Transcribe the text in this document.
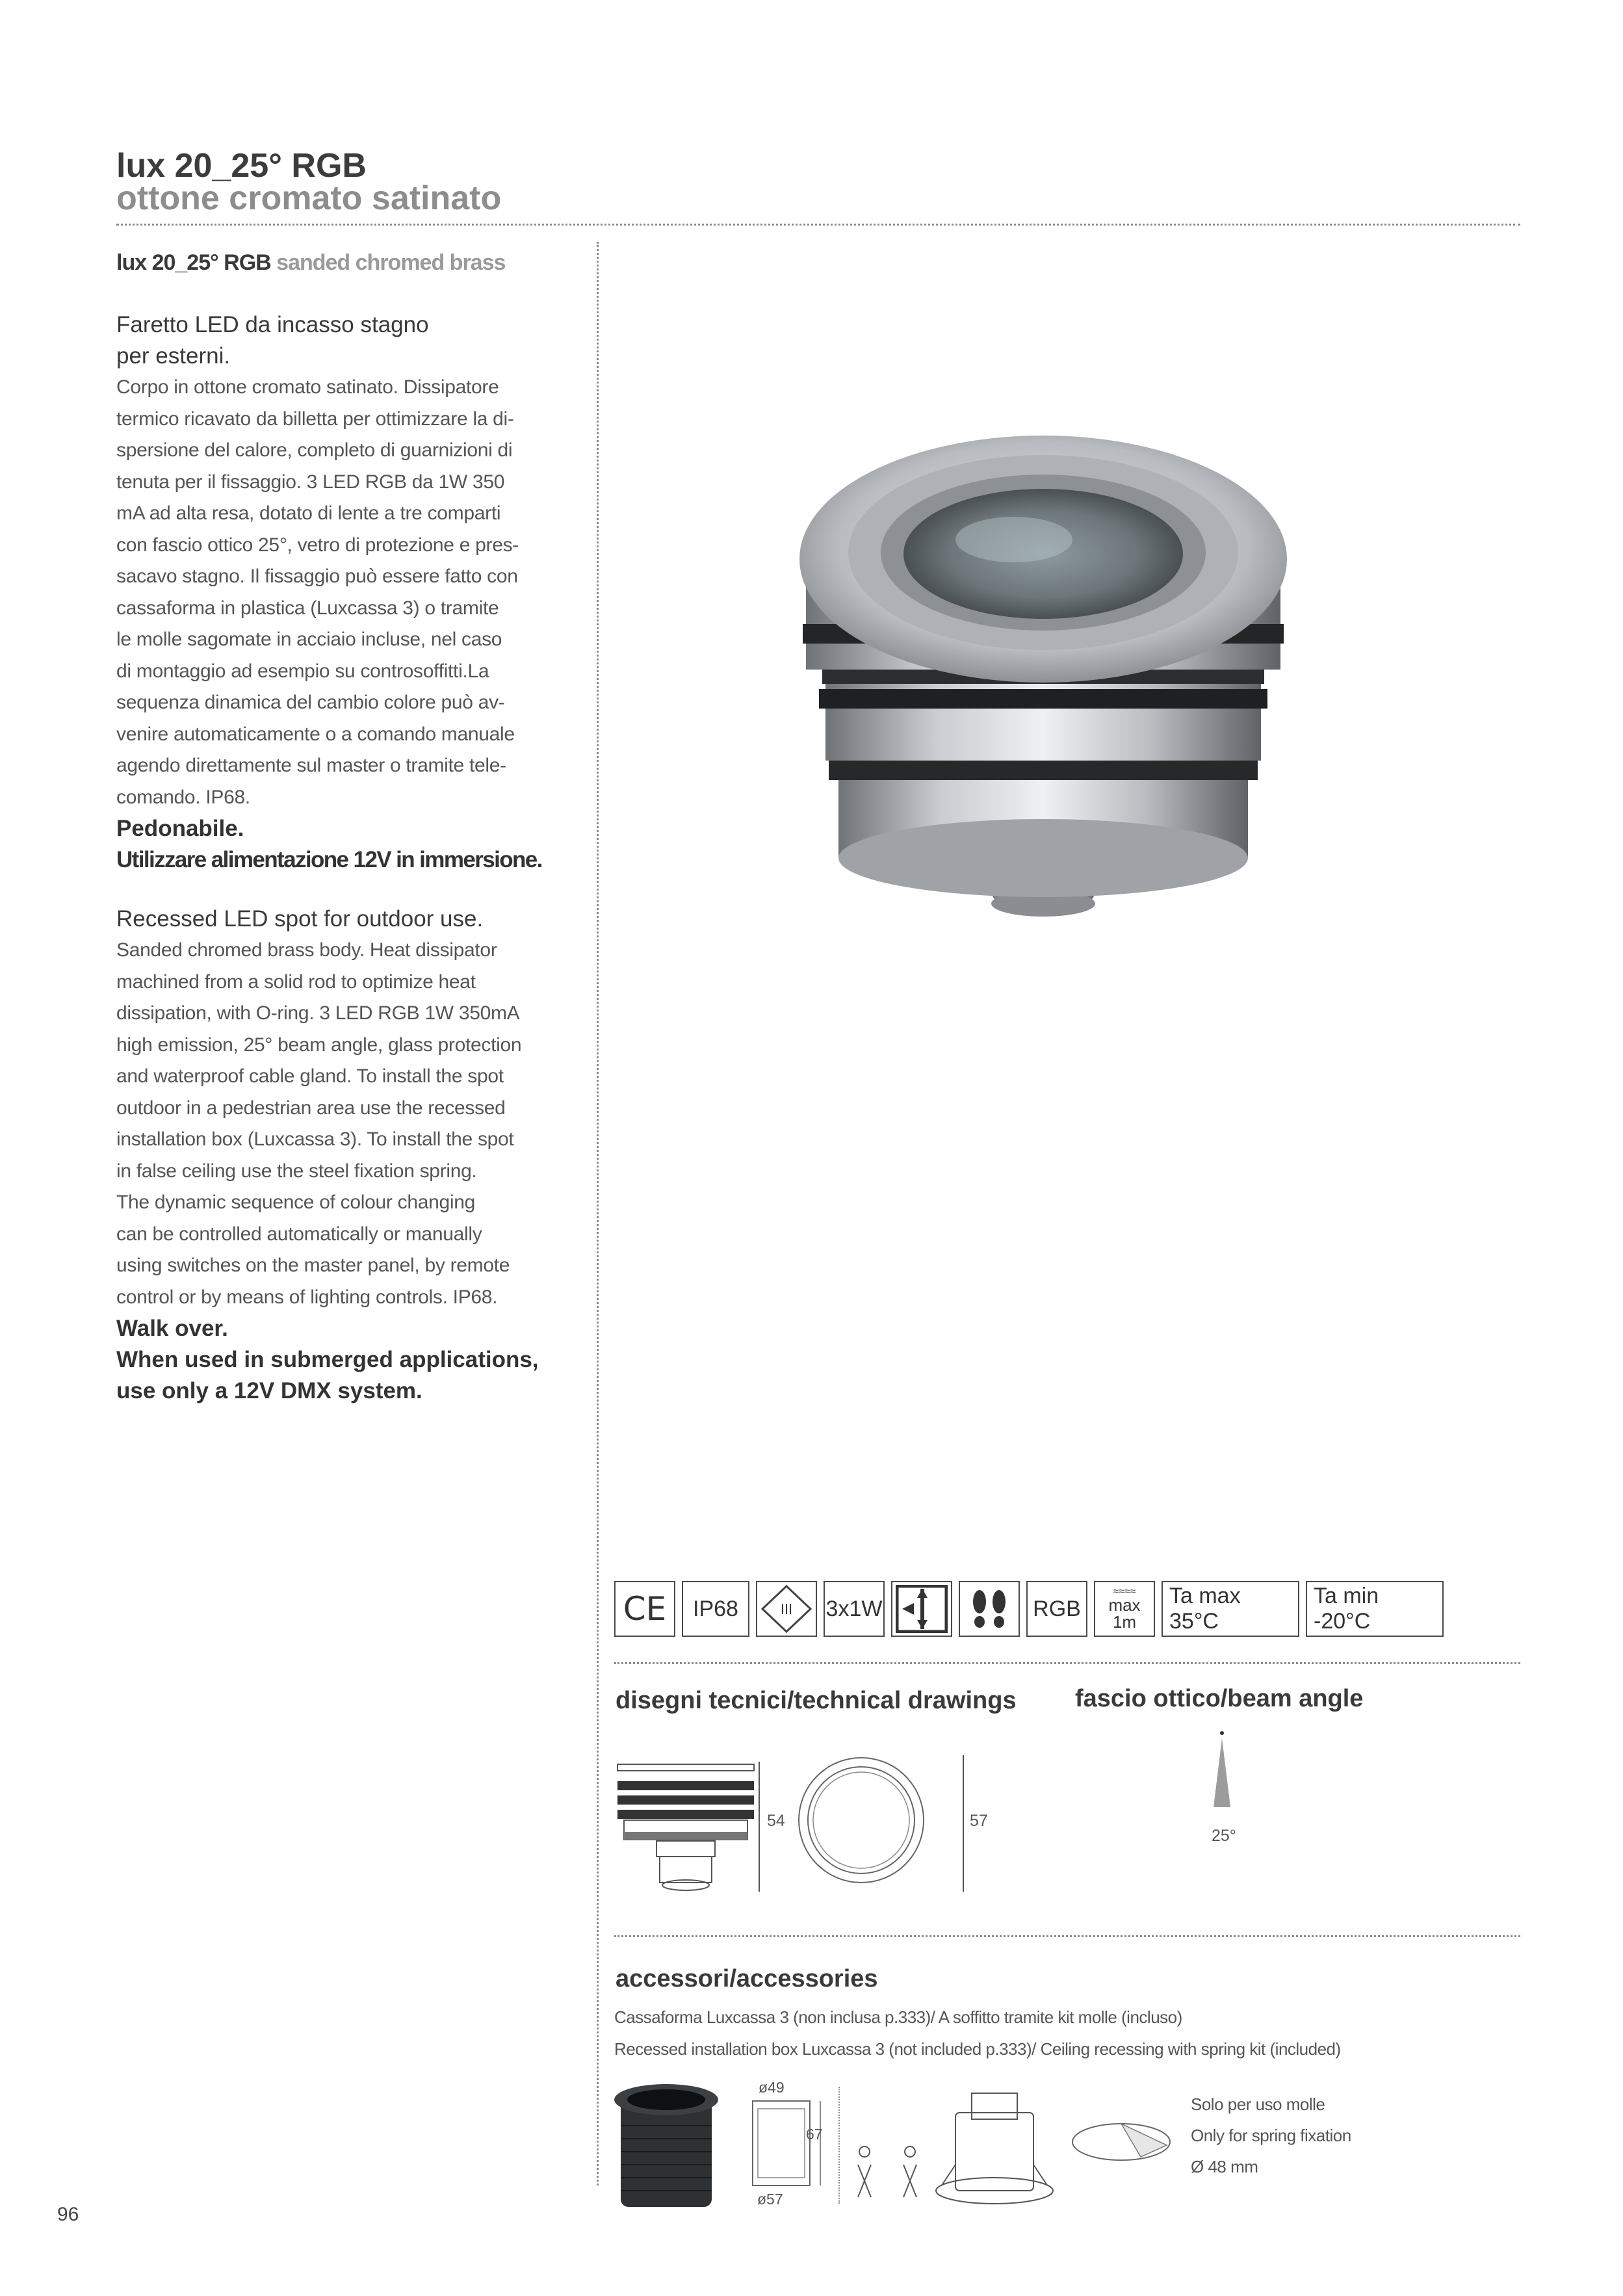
lux 20_25° RGB
ottone cromato satinato
lux 20_25° RGB sanded chromed brass
Faretto LED da incasso stagno
per esterni.
Corpo in ottone cromato satinato. Dissipatore
termico ricavato da billetta per ottimizzare la di-
spersione del calore, completo di guarnizioni di
tenuta per il fissaggio. 3 LED RGB da 1W 350
mA ad alta resa, dotato di lente a tre comparti
con fascio ottico 25°, vetro di protezione e pres-
sacavo stagno. Il fissaggio può essere fatto con
cassaforma in plastica (Luxcassa 3) o tramite
le molle sagomate in acciaio incluse, nel caso
di montaggio ad esempio su controsoffitti.La
sequenza dinamica del cambio colore può av-
venire automaticamente o a comando manuale
agendo direttamente sul master o tramite tele-
comando. IP68.
Pedonabile.
Utilizzare alimentazione 12V in immersione.
Recessed LED spot for outdoor use.
Sanded chromed brass body. Heat dissipator
machined from a solid rod to optimize heat
dissipation, with O-ring. 3 LED RGB 1W 350mA
high emission, 25° beam angle, glass protection
and waterproof cable gland. To install the spot
outdoor in a pedestrian area use the recessed
installation box (Luxcassa 3). To install the spot
in false ceiling use the steel fixation spring.
The dynamic sequence of colour changing
can be controlled automatically or manually
using switches on the master panel, by remote
control or by means of lighting controls. IP68.
Walk over.
When used in submerged applications,
use only a 12V DMX system.
CE	IP68	III 3x1W	RGB
≈≈≈≈
max
1m
Ta max 35°C
Ta min -20°C
disegni tecnici/technical drawings fascio ottico/beam angle
54	57
25°
accessori/accessories
Cassaforma Luxcassa 3 (non inclusa p.333)/ A soffitto tramite kit molle (incluso)
Recessed installation box Luxcassa 3 (not included p.333)/ Ceiling recessing with spring kit (included)
ø49
67
ø57
Solo per uso molle
Only for spring fixation
Ø 48 mm
96
